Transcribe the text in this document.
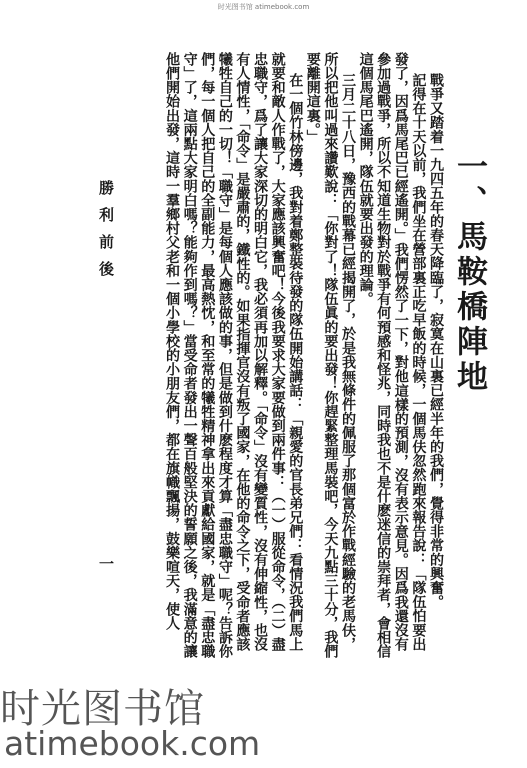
时光图书馆 atimebook.com
一、馬鞍橋陣地

戰爭又踏着一九四五年的春天降臨了，寂寞在山裏已經半年的我們，覺得非常的興奮。

記得在十天以前，我們坐在營部裏正吃早飯的時候，一個馬伕忽然跑來報告說：「隊伍怕要出發了，因爲馬尾巴已經遙開。」我們愣然了一下，對他這樣的預測，沒有表示意見。因爲我還沒有參加過戰爭，所以不知道生物對於戰爭有何預感和怪兆，同時我也不是什麽迷信的崇拜者，會相信這個馬尾巴遙開，隊伍就要出發的理論。

三月二十八日，豫西的戰幕已經揭開了，於是我無條件的佩服了那個富於作戰經驗的老馬伕，所以把他叫過來讚歎說：「你對了！隊伍眞的要出發！你趕緊整理馬裝吧，今天九點三十分，我們要離開這裏。」

在一個竹林傍邊，我對着鄭整裝待發的隊伍開始講話：「親愛的官長弟兄們：看情況我們馬上就要和敵人作戰了，大家應該興奮吧！今後我要求大家要做到兩件事：（一）服從命令，（二）盡忠職守，爲了讓大家深切的明白它，我必須再加以解釋。「命令」沒有變質性，沒有伸縮性，也沒有人情性，「命令」是嚴肅的，鐵性的。如果指揮官沒有叛了國家，在他的命令之下，受命者應該犧牲自己的一切！「職守」是每個人應該做的事，但是做到什麽程度才算「盡忠職守」呢？告訴你們，每一個人把自己的全副能力，最高熱忱，和至常的犧牲精神拿出來貢獻給國家，就是「盡忠職守」了，這兩點大家明白嗎？能夠作到嗎？」當受命者發出一聲百般堅決的誓願之後，我滿意的讓他們開始出發，這時一羣鄉村父老和一個小學校的小朋友們，都在旗幟飄揚，鼓樂喧天，使人

勝利前後
一
时光图书馆
atimebook.com
